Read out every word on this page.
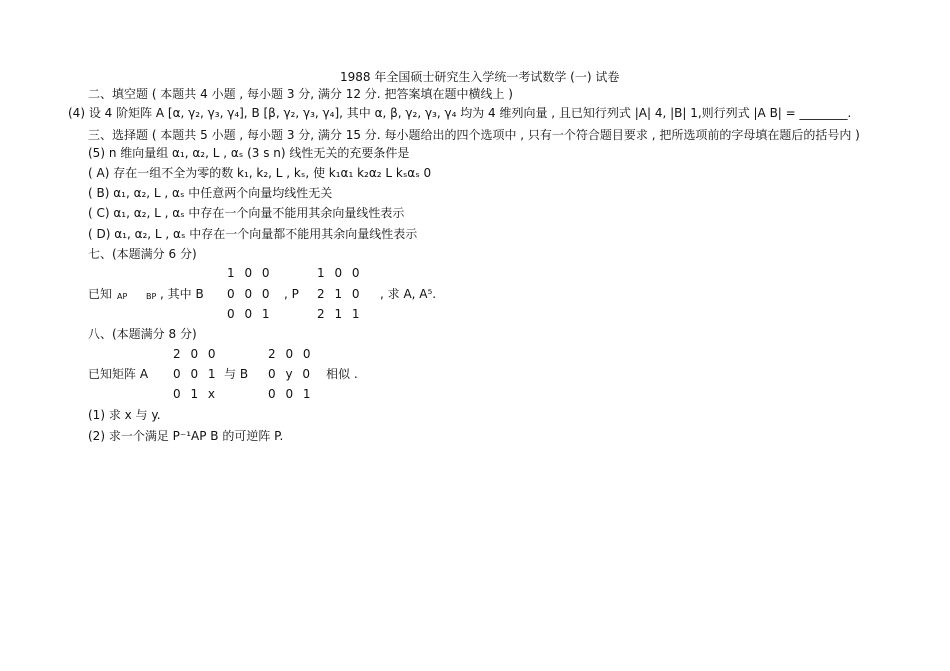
1988 年全国硕士研究生入学统一考试数学 (一) 试卷
二、填空题 ( 本题共 4 小题 , 每小题 3 分, 满分 12 分. 把答案填在题中横线上 )
(4) 设 4 阶矩阵 A [α, γ₂, γ₃, γ₄], B [β, γ₂, γ₃, γ₄], 其中 α, β, γ₂, γ₃, γ₄ 均为 4 维列向量 , 且已知行列式 |A| 4, |B| 1,则行列式 |A B| = ________.
三、选择题 ( 本题共 5 小题 , 每小题 3 分, 满分 15 分. 每小题给出的四个选项中 , 只有一个符合题目要求 , 把所选项前的字母填在题后的括号内 )
(5) n 维向量组 α₁, α₂, L , αₛ (3 s n) 线性无关的充要条件是
( A) 存在一组不全为零的数 k₁, k₂, L , kₛ, 使 k₁α₁ k₂α₂ L kₛαₛ 0
( B) α₁, α₂, L , αₛ 中任意两个向量均线性无关
( C) α₁, α₂, L , αₛ 中存在一个向量不能用其余向量线性表示
( D) α₁, α₂, L , αₛ 中存在一个向量都不能用其余向量线性表示
七、(本题满分 6 分)
1 0 0	1 0 0
已知 AP BP , 其中 B 0 0 0 , P 2 1 0 , 求 A, A⁵.
0 0 1	2 1 1
八、(本题满分 8 分)
2 0 0	2 0 0
已知矩阵 A 0 0 1 与 B 0 y 0 相似 .
0 1 x	0 0 1
(1) 求 x 与 y.
(2) 求一个满足 P⁻¹AP B 的可逆阵 P.
